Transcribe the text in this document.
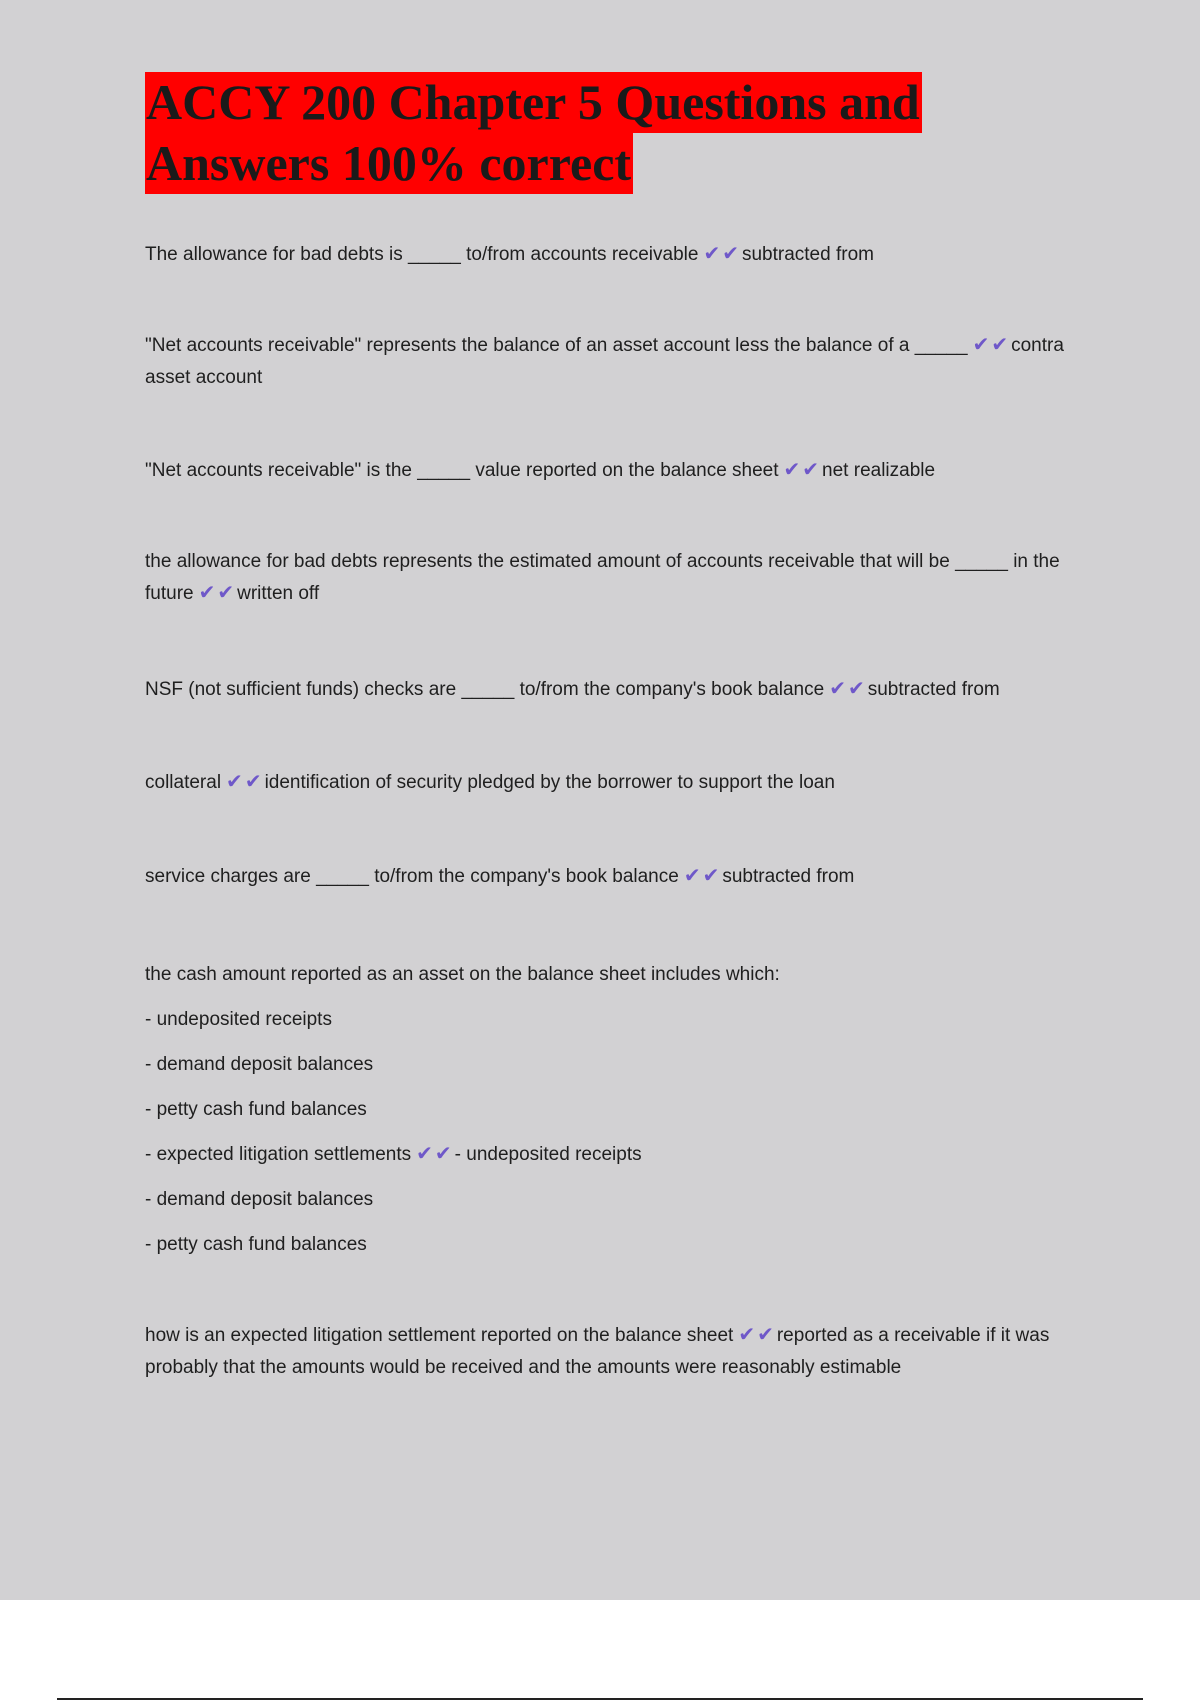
ACCY 200 Chapter 5 Questions and
Answers 100% correct

The allowance for bad debts is _____ to/from accounts receivable ✔ ✔ subtracted from

"Net accounts receivable" represents the balance of an asset account less the balance of a _____ ✔ ✔ contra asset account

"Net accounts receivable" is the _____ value reported on the balance sheet ✔ ✔ net realizable

the allowance for bad debts represents the estimated amount of accounts receivable that will be _____ in the future ✔ ✔ written off

NSF (not sufficient funds) checks are _____ to/from the company's book balance ✔ ✔ subtracted from

collateral ✔ ✔ identification of security pledged by the borrower to support the loan

service charges are _____ to/from the company's book balance ✔ ✔ subtracted from

the cash amount reported as an asset on the balance sheet includes which:

- undeposited receipts

- demand deposit balances

- petty cash fund balances

- expected litigation settlements ✔ ✔ - undeposited receipts

- demand deposit balances

- petty cash fund balances

how is an expected litigation settlement reported on the balance sheet ✔ ✔ reported as a receivable if it was probably that the amounts would be received and the amounts were reasonably estimable
